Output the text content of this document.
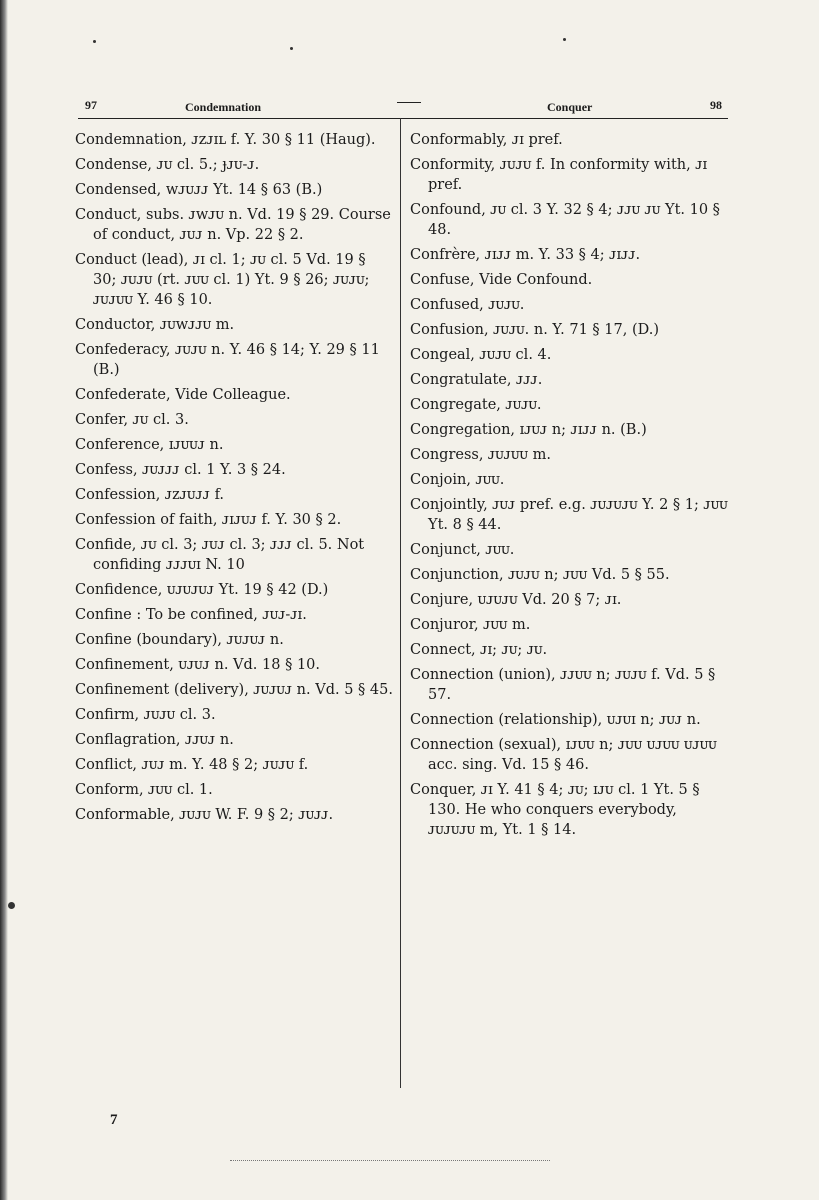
97	Condemnation	Conquer	98
Condemnation, ᴊᴢᴊɪʟ f. Y. 30 § 11 (Haug).
Condense, ᴊᴜ cl. 5.; ɟᴊᴜ-ᴊ.
Condensed, ᴡᴊᴜᴊᴊ Yt. 14 § 63 (B.)
Conduct, subs. ᴊᴡᴊᴜ n. Vd. 19 § 29. Course of conduct, ᴊᴜᴊ n. Vp. 22 § 2.
Conduct (lead), ᴊɪ cl. 1; ᴊᴜ cl. 5 Vd. 19 § 30; ᴊᴜᴊᴜ (rt. ᴊᴜᴜ cl. 1) Yt. 9 § 26; ᴊᴜᴊᴜ; ᴊᴜᴊᴜᴜ Y. 46 § 10.
Conductor, ᴊᴜᴡᴊᴊᴜ m.
Confederacy, ᴊᴜᴊᴜ n. Y. 46 § 14; Y. 29 § 11 (B.)
Confederate, Vide Colleague.
Confer, ᴊᴜ cl. 3.
Conference, ɪᴊᴜᴜᴊ n.
Confess, ᴊᴜᴊᴊᴊ cl. 1 Y. 3 § 24.
Confession, ᴊᴢᴊᴜᴊᴊ f.
Confession of faith, ᴊɪᴊᴜᴊ f. Y. 30 § 2.
Confide, ᴊᴜ cl. 3; ᴊᴜᴊ cl. 3; ᴊᴊᴊ cl. 5. Not confiding ᴊᴊᴊᴜɪ N. 10
Confidence, ᴜᴊᴜᴊᴜᴊ Yt. 19 § 42 (D.)
Confine : To be confined, ᴊᴜᴊ-ᴊɪ.
Confine (boundary), ᴊᴜᴊᴜᴊ n.
Confinement, ᴜᴊᴜᴊ n. Vd. 18 § 10.
Confinement (delivery), ᴊᴜᴊᴜᴊ n. Vd. 5 § 45.
Confirm, ᴊᴜᴊᴜ cl. 3.
Conflagration, ᴊᴊᴜᴊ n.
Conflict, ᴊᴜᴊ m. Y. 48 § 2; ᴊᴜᴊᴜ f.
Conform, ᴊᴜᴜ cl. 1.
Conformable, ᴊᴜᴊᴜ W. F. 9 § 2; ᴊᴜᴊᴊ.
Conformably, ᴊɪ pref.
Conformity, ᴊᴜᴊᴜ f. In conformity with, ᴊɪ pref.
Confound, ᴊᴜ cl. 3 Y. 32 § 4; ᴊᴊᴜ ᴊᴜ Yt. 10 § 48.
Confrère, ᴊɪᴊᴊ m. Y. 33 § 4; ᴊɪᴊᴊ.
Confuse, Vide Confound.
Confused, ᴊᴜᴊᴜ.
Confusion, ᴊᴜᴊᴜ. n. Y. 71 § 17, (D.)
Congeal, ᴊᴜᴊᴜ cl. 4.
Congratulate, ᴊᴊᴊ.
Congregate, ᴊᴜᴊᴜ.
Congregation, ɪᴊᴜᴊ n; ᴊɪᴊᴊ n. (B.)
Congress, ᴊᴜᴊᴜᴜ m.
Conjoin, ᴊᴜᴜ.
Conjointly, ᴊᴜᴊ pref. e.g. ᴊᴜᴊᴜᴊᴜ Y. 2 § 1; ᴊᴜᴜ Yt. 8 § 44.
Conjunct, ᴊᴜᴜ.
Conjunction, ᴊᴜᴊᴜ n; ᴊᴜᴜ Vd. 5 § 55.
Conjure, ᴜᴊᴜᴊᴜ Vd. 20 § 7; ᴊɪ.
Conjuror, ᴊᴜᴜ m.
Connect, ᴊɪ; ᴊᴜ; ᴊᴜ.
Connection (union), ᴊᴊᴜᴜ n; ᴊᴜᴊᴜ f. Vd. 5 § 57.
Connection (relationship), ᴜᴊᴜɪ n; ᴊᴜᴊ n.
Connection (sexual), ɪᴊᴜᴜ n; ᴊᴜᴜ ᴜᴊᴜᴜ ᴜᴊᴜᴜ acc. sing. Vd. 15 § 46.
Conquer, ᴊɪ Y. 41 § 4; ᴊᴜ; ɪᴊᴜ cl. 1 Yt. 5 § 130. He who conquers everybody, ᴊᴜᴊᴜᴊᴜ m, Yt. 1 § 14.
7
